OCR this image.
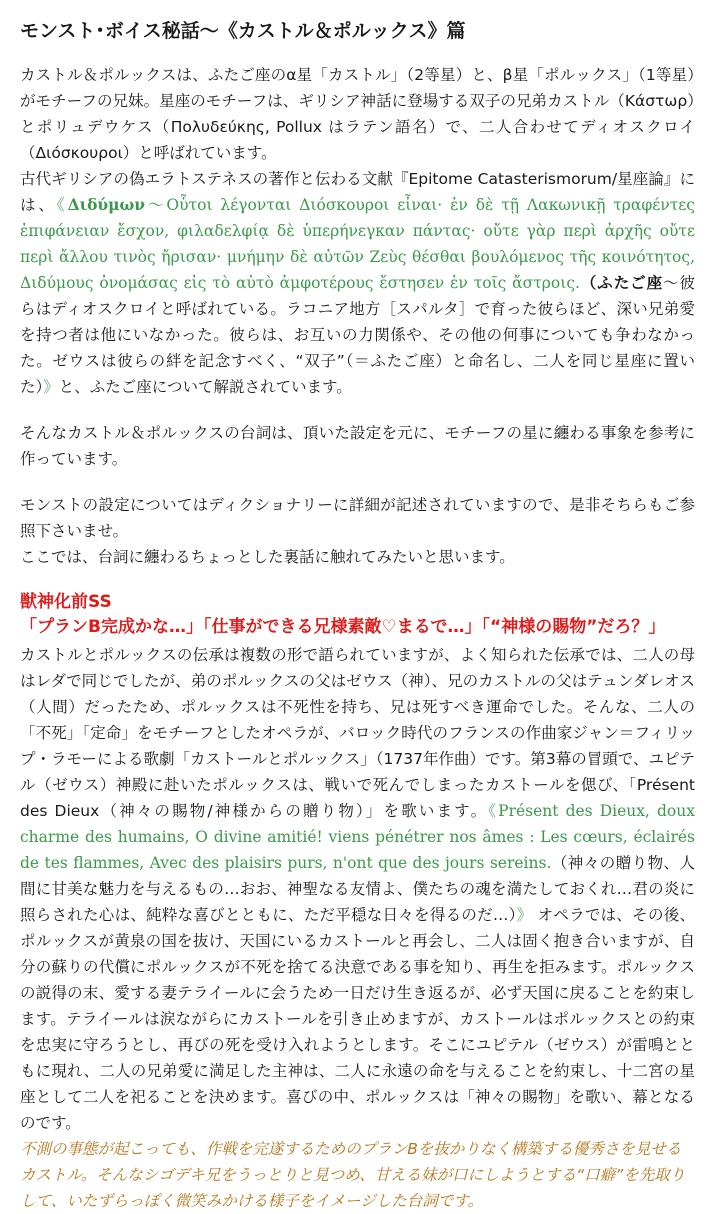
モンスト･ボイス秘話～《カストル＆ポルックス》篇

カストル＆ポルックスは、ふたご座のα星「カストル」（2等星）と、β星「ポルックス」（1等星）がモチーフの兄妹。星座のモチーフは、ギリシア神話に登場する双子の兄弟カストル（Κάστωρ）とポリュデウケス（Πολυδεύκης, Pollux はラテン語名）で、二人合わせてディオスクロイ（Διόσκουροι）と呼ばれています。

古代ギリシアの偽エラトステネスの著作と伝わる文献『Epitome Catasterismorum/星座論』には、《Διδύμων～Οὗτοι λέγονται Διόσκουροι εἶναι· ἐν δὲ τῇ Λακωνικῇ τραφέντες ἐπιφάνειαν ἔσχον, φιλαδελφίᾳ δὲ ὑπερήνεγκαν πάντας· οὔτε γὰρ περὶ ἀρχῆς οὔτε περὶ ἄλλου τινὸς ἤρισαν· μνήμην δὲ αὐτῶν Ζεὺς θέσθαι βουλόμενος τῆς κοινότητος, Διδύμους ὀνομάσας εἰς τὸ αὐτὸ ἀμφοτέρους ἔστησεν ἐν τοῖς ἄστροις.（ふたご座～彼らはディオスクロイと呼ばれている。ラコニア地方［スパルタ］で育った彼らほど、深い兄弟愛を持つ者は他にいなかった。彼らは、お互いの力関係や、その他の何事についても争わなかった。ゼウスは彼らの絆を記念すべく、“双子”（＝ふたご座）と命名し、二人を同じ星座に置いた）》と、ふたご座について解説されています。

そんなカストル＆ポルックスの台詞は、頂いた設定を元に、モチーフの星に纏わる事象を参考に作っています。

モンストの設定についてはディクショナリーに詳細が記述されていますので、是非そちらもご参照下さいませ。

ここでは、台詞に纏わるちょっとした裏話に触れてみたいと思います。

獣神化前SS
「プランB完成かな…」「仕事ができる兄様素敵♡まるで…」「“神様の賜物”だろ？」

カストルとポルックスの伝承は複数の形で語られていますが、よく知られた伝承では、二人の母はレダで同じでしたが、弟のポルックスの父はゼウス（神）、兄のカストルの父はテュンダレオス（人間）だったため、ポルックスは不死性を持ち、兄は死すべき運命でした。そんな、二人の「不死」「定命」をモチーフとしたオペラが、バロック時代のフランスの作曲家ジャン＝フィリップ・ラモーによる歌劇「カストールとポルックス」（1737年作曲）です。第3幕の冒頭で、ユピテル（ゼウス）神殿に赴いたポルックスは、戦いで死んでしまったカストールを偲び、「Présent des Dieux（神々の賜物/神様からの贈り物）」を歌います。《Présent des Dieux, doux charme des humains, O divine amitié! viens pénétrer nos âmes : Les cœurs, éclairés de tes flammes, Avec des plaisirs purs, n'ont que des jours sereins.（神々の贈り物、人間に甘美な魅力を与えるもの…おお、神聖なる友情よ、僕たちの魂を満たしておくれ…君の炎に照らされた心は、純粋な喜びとともに、ただ平穏な日々を得るのだ…）》 オペラでは、その後、ポルックスが黄泉の国を抜け、天国にいるカストールと再会し、二人は固く抱き合いますが、自分の蘇りの代償にポルックスが不死を捨てる決意である事を知り、再生を拒みます。ポルックスの説得の末、愛する妻テライールに会うため一日だけ生き返るが、必ず天国に戻ることを約束します。テライールは涙ながらにカストールを引き止めますが、カストールはポルックスとの約束を忠実に守ろうとし、再びの死を受け入れようとします。そこにユピテル（ゼウス）が雷鳴とともに現れ、二人の兄弟愛に満足した主神は、二人に永遠の命を与えることを約束し、十二宮の星座として二人を祀ることを決めます。喜びの中、ポルックスは「神々の賜物」を歌い、幕となるのです。

不測の事態が起こっても、作戦を完遂するためのプランBを抜かりなく構築する優秀さを見せるカストル。そんなシゴデキ兄をうっとりと見つめ、甘える妹が口にしようとする“口癖”を先取りして、いたずらっぽく微笑みかける様子をイメージした台詞です。
